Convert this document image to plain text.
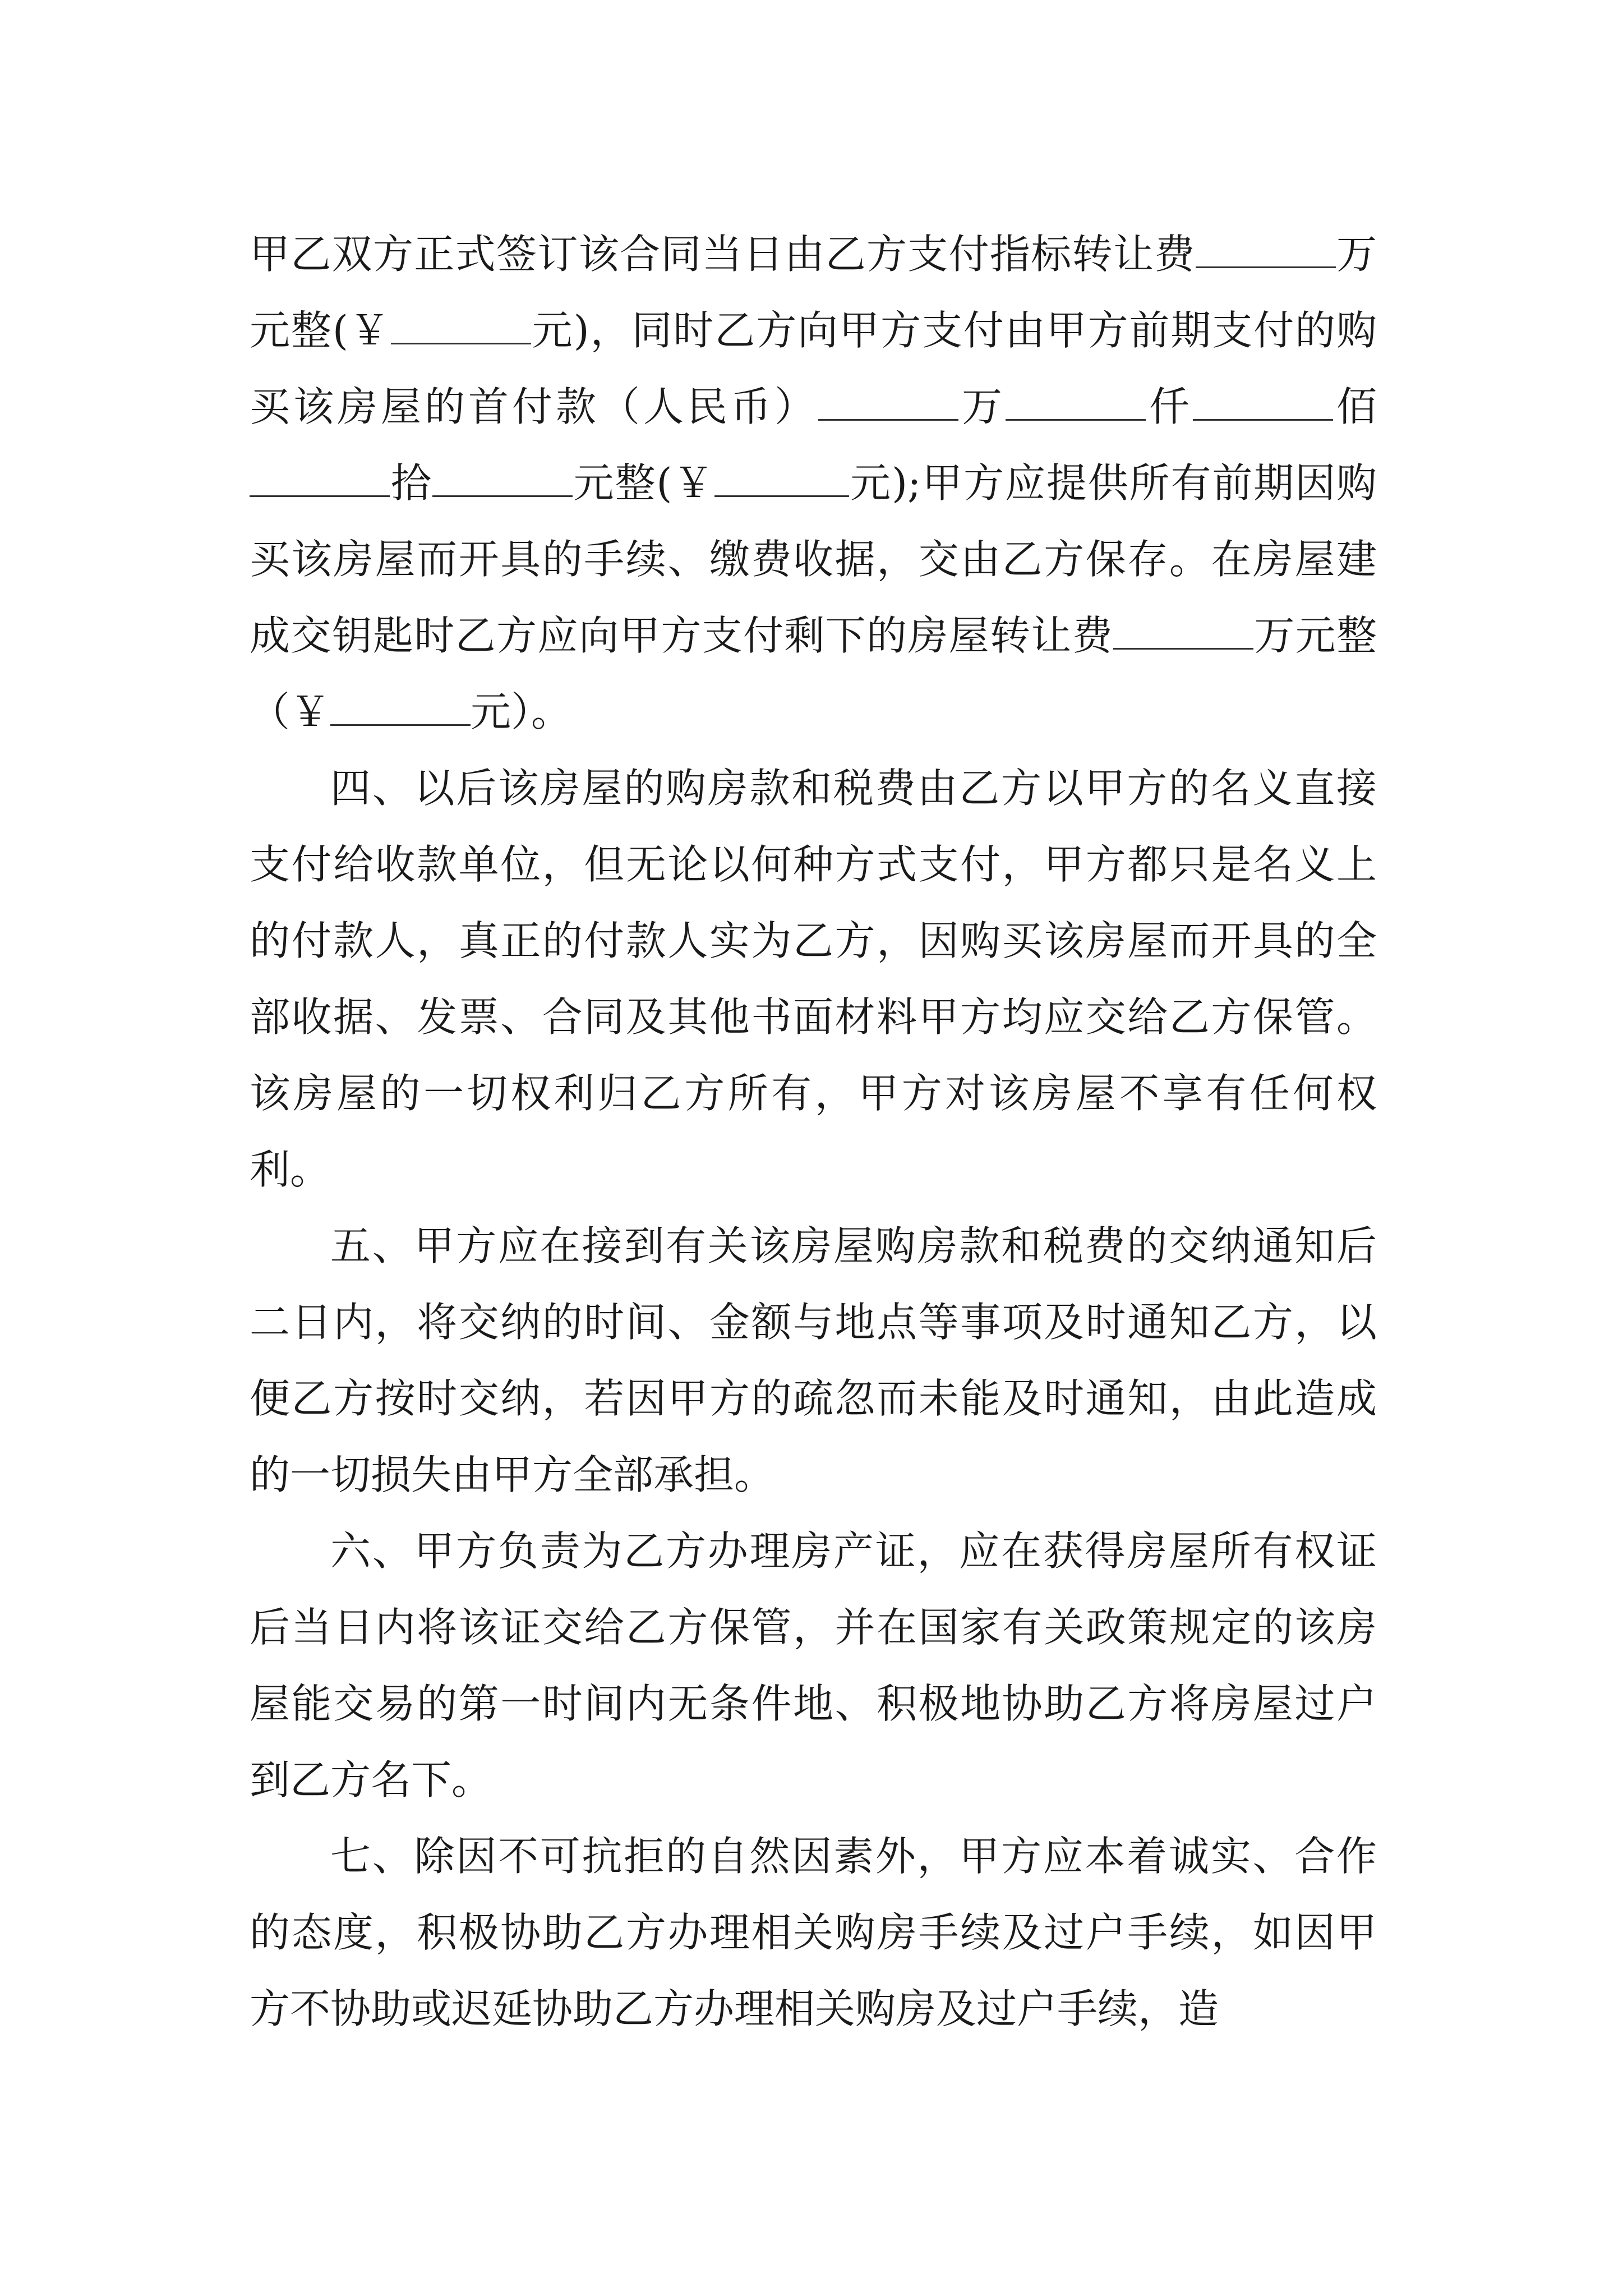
甲乙双方正式签订该合同当日由乙方支付指标转让费	万元整(￥	元)，同时乙方向甲方支付由甲方前期支付的购买该房屋的首付款（人民币）	万	仟	佰拾	元整(￥	元);甲方应提供所有前期因购买该房屋而开具的手续、缴费收据，交由乙方保存。在房屋建成交钥匙时乙方应向甲方支付剩下的房屋转让费	万元整（￥	元）。

四、以后该房屋的购房款和税费由乙方以甲方的名义直接支付给收款单位，但无论以何种方式支付，甲方都只是名义上的付款人，真正的付款人实为乙方，因购买该房屋而开具的全部收据、发票、合同及其他书面材料甲方均应交给乙方保管。该房屋的一切权利归乙方所有，甲方对该房屋不享有任何权利。

五、甲方应在接到有关该房屋购房款和税费的交纳通知后二日内，将交纳的时间、金额与地点等事项及时通知乙方，以便乙方按时交纳，若因甲方的疏忽而未能及时通知，由此造成的一切损失由甲方全部承担。

六、甲方负责为乙方办理房产证，应在获得房屋所有权证后当日内将该证交给乙方保管，并在国家有关政策规定的该房屋能交易的第一时间内无条件地、积极地协助乙方将房屋过户到乙方名下。

七、除因不可抗拒的自然因素外，甲方应本着诚实、合作的态度，积极协助乙方办理相关购房手续及过户手续，如因甲方不协助或迟延协助乙方办理相关购房及过户手续，造
